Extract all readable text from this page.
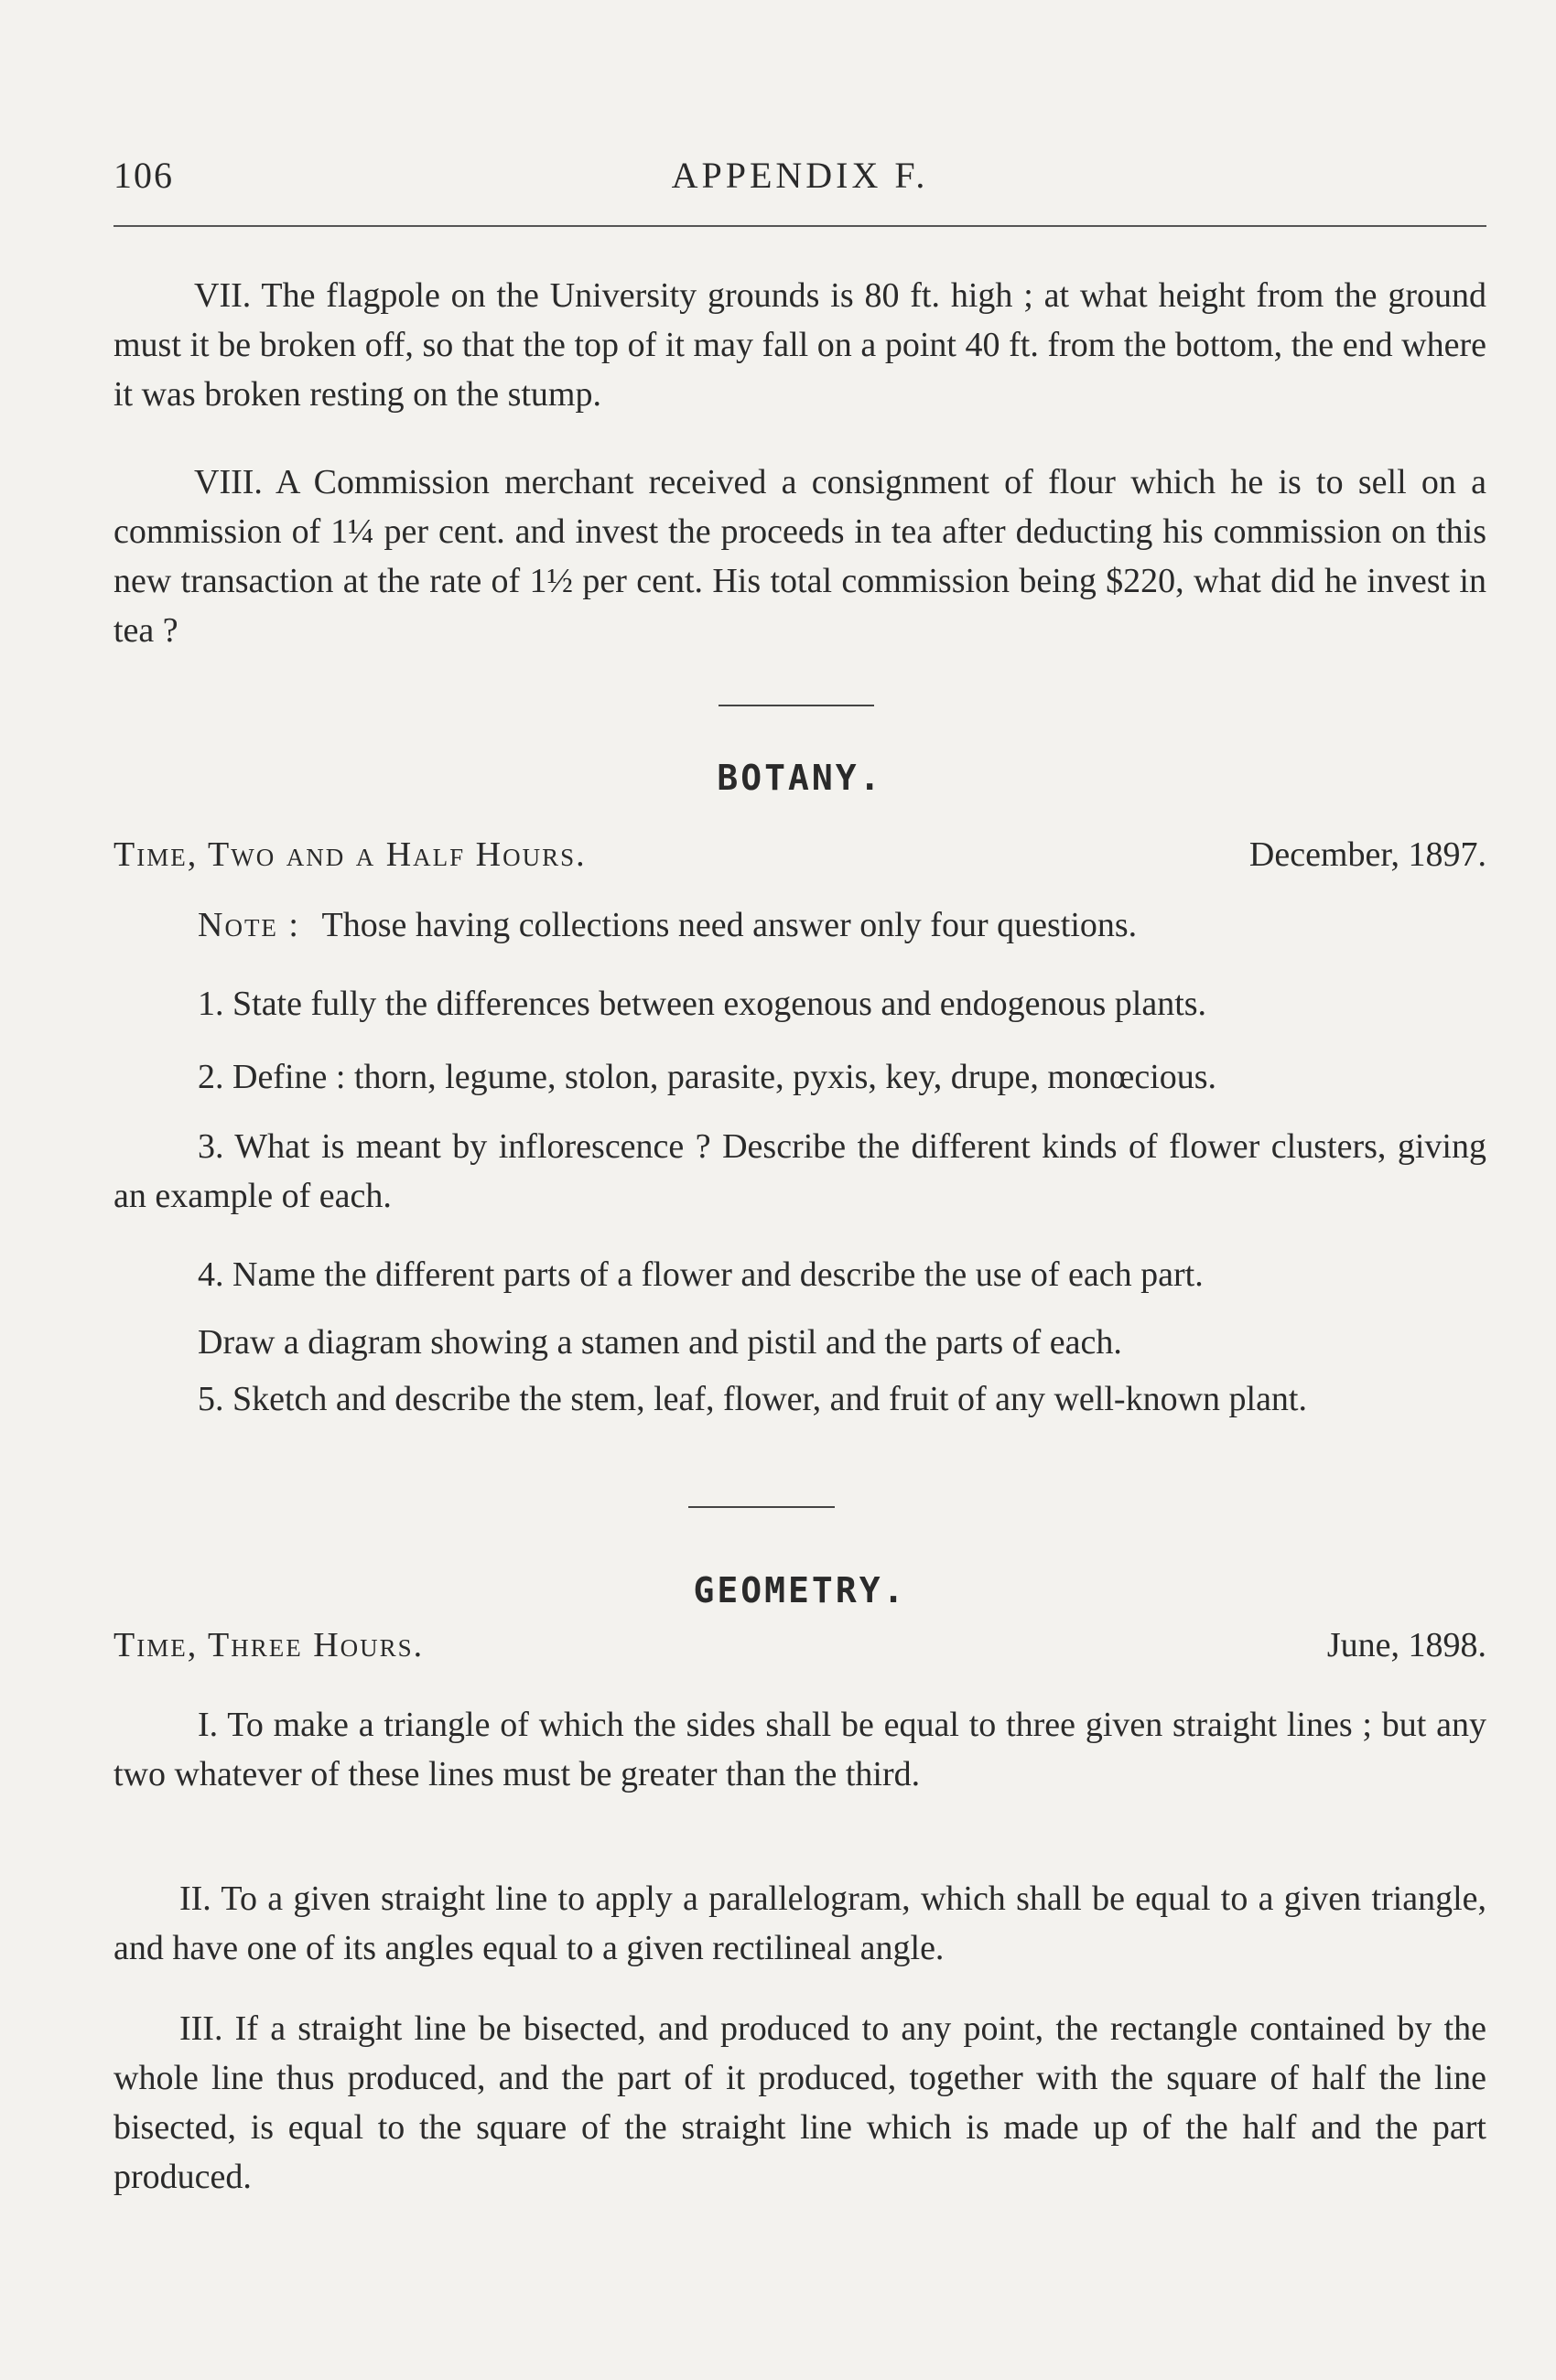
APPENDIX F.
106

VII. The flagpole on the University grounds is 80 ft. high ; at what height from the ground must it be broken off, so that the top of it may fall on a point 40 ft. from the bottom, the end where it was broken resting on the stump.

VIII. A Commission merchant received a consignment of flour which he is to sell on a commission of 1¼ per cent. and invest the proceeds in tea after deducting his commission on this new transaction at the rate of 1½ per cent. His total commission being $220, what did he invest in tea ?

BOTANY.
Time, Two and a Half Hours.	December, 1897.
Note : Those having collections need answer only four questions.
1. State fully the differences between exogenous and endogenous plants.
2. Define : thorn, legume, stolon, parasite, pyxis, key, drupe, monœcious.

3. What is meant by inflorescence ? Describe the different kinds of flower clusters, giving an example of each.

4. Name the different parts of a flower and describe the use of each part.
Draw a diagram showing a stamen and pistil and the parts of each.

5. Sketch and describe the stem, leaf, flower, and fruit of any well-known plant.

GEOMETRY.
Time, Three Hours.	June, 1898.

I. To make a triangle of which the sides shall be equal to three given straight lines ; but any two whatever of these lines must be greater than the third.

II. To a given straight line to apply a parallelogram, which shall be equal to a given triangle, and have one of its angles equal to a given rectilineal angle.

III. If a straight line be bisected, and produced to any point, the rectangle contained by the whole line thus produced, and the part of it produced, together with the square of half the line bisected, is equal to the square of the straight line which is made up of the half and the part produced.
